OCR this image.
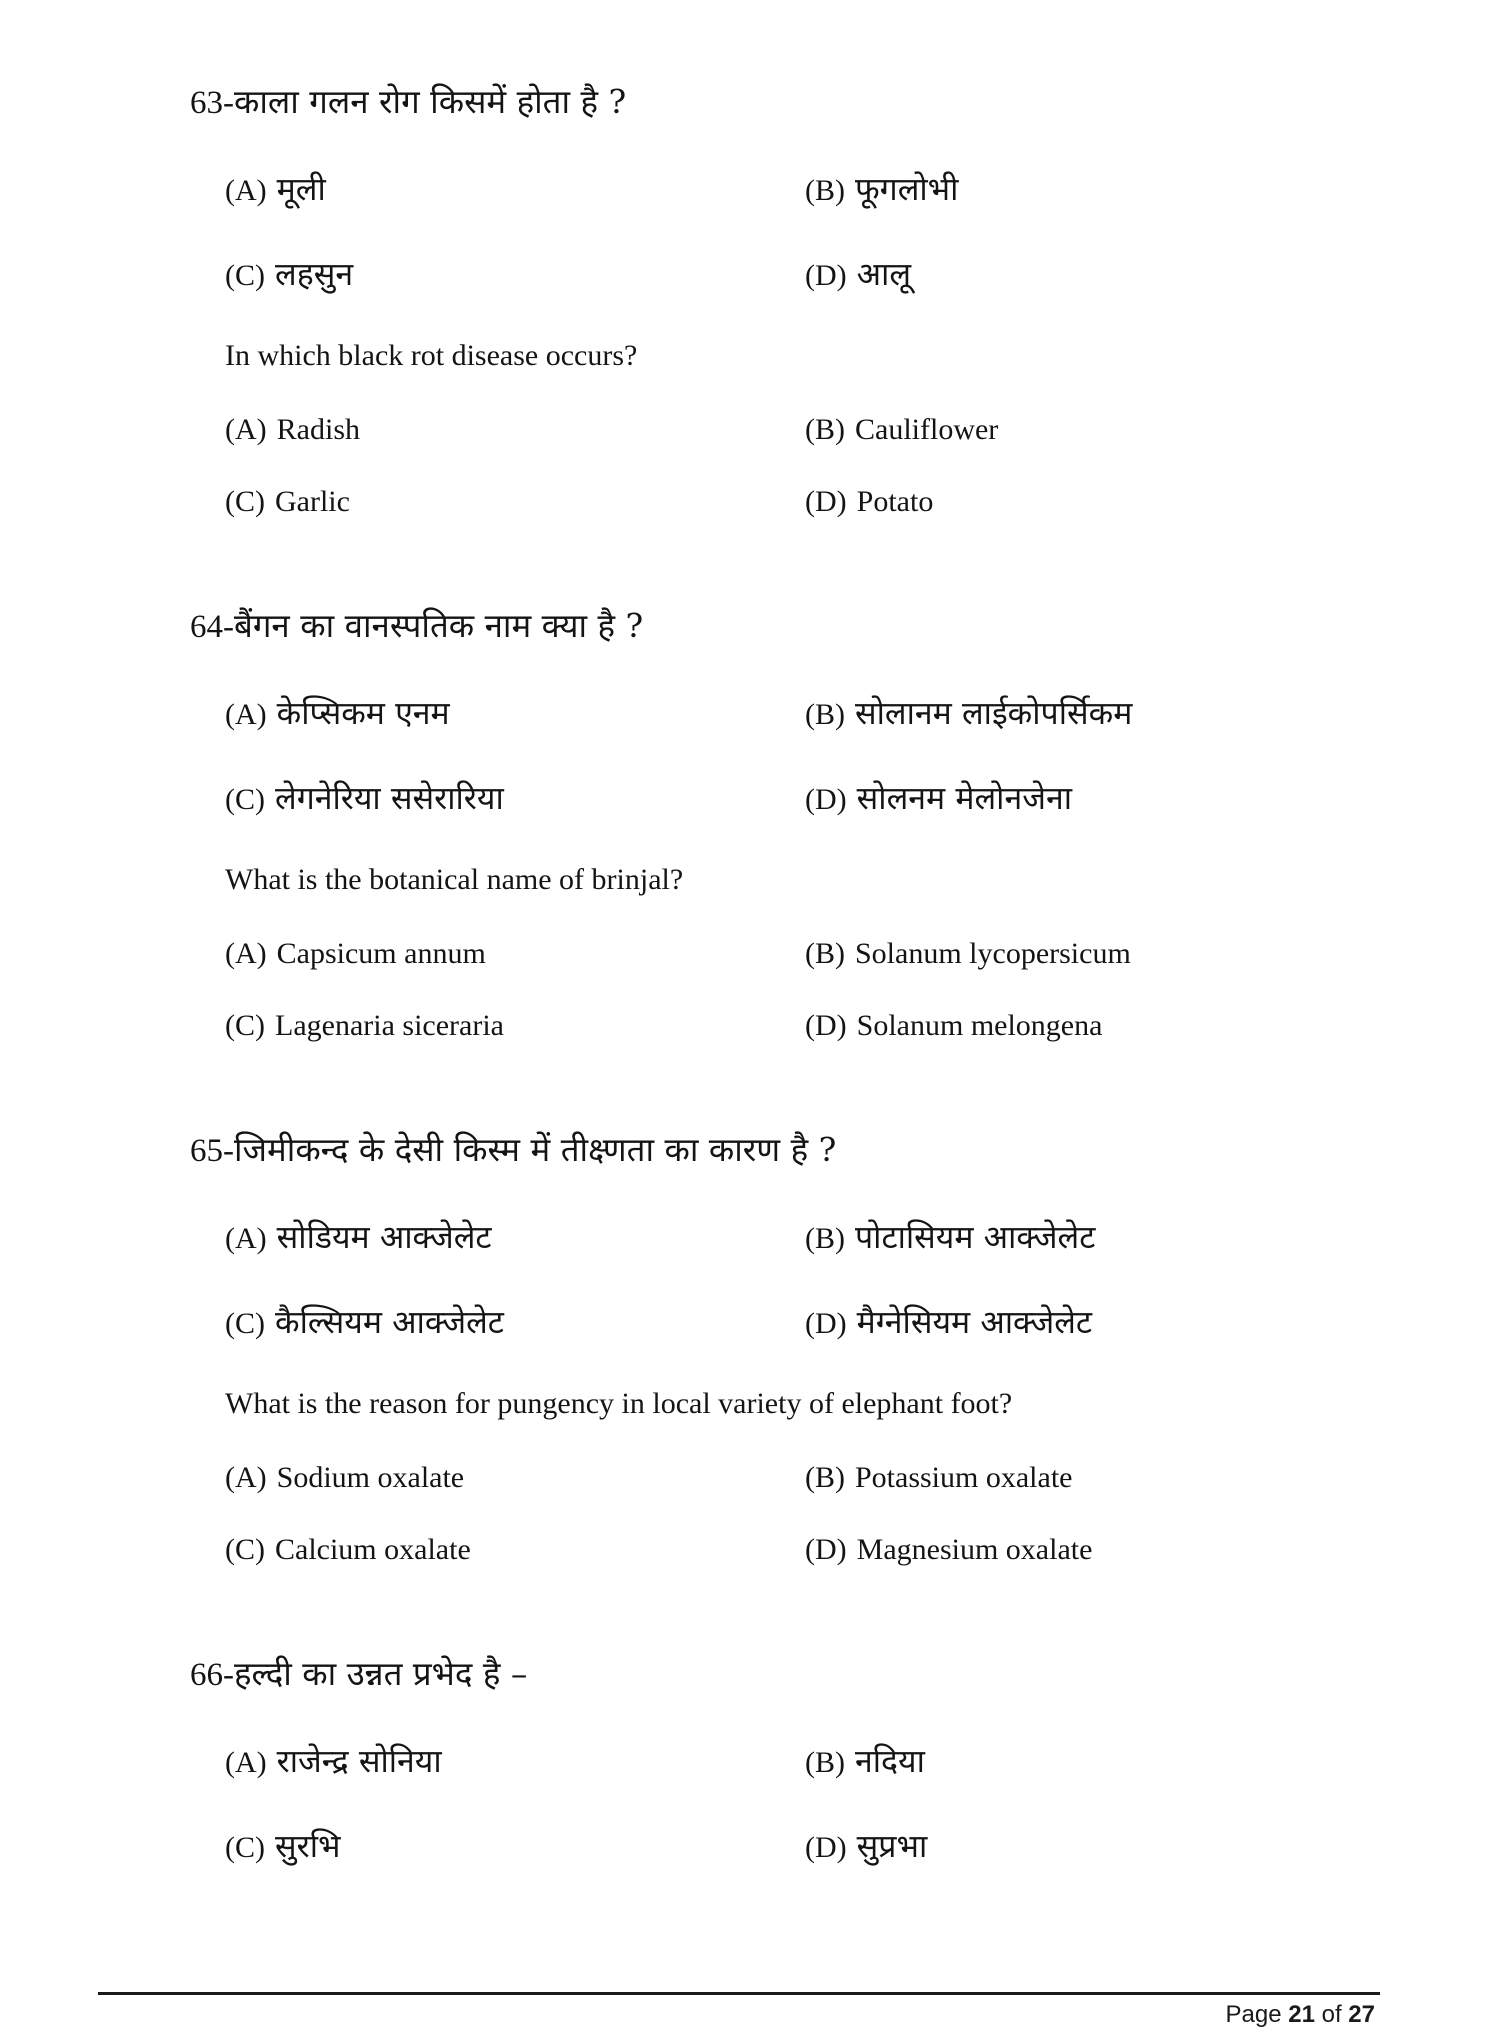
63-काला गलन रोग किसमें होता है ?
(A) मूली	(B) फूगलोभी
(C) लहसुन	(D) आलू
In which black rot disease occurs?
(A) Radish	(B) Cauliflower
(C) Garlic	(D) Potato
64-बैंगन का वानस्पतिक नाम क्या है ?
(A) केप्सिकम एनम	(B) सोलानम लाईकोपर्सिकम
(C) लेगनेरिया ससेरारिया	(D) सोलनम मेलोनजेना
What is the botanical name of brinjal?
(A) Capsicum annum	(B) Solanum lycopersicum
(C) Lagenaria siceraria	(D) Solanum melongena
65-जिमीकन्द के देसी किस्म में तीक्ष्णता का कारण है ?
(A) सोडियम आक्जेलेट	(B) पोटासियम आक्जेलेट
(C) कैल्सियम आक्जेलेट	(D) मैग्नेसियम आक्जेलेट
What is the reason for pungency in local variety of elephant foot?
(A) Sodium oxalate	(B) Potassium oxalate
(C) Calcium oxalate	(D) Magnesium oxalate
66-हल्दी का उन्नत प्रभेद है –
(A) राजेन्द्र सोनिया	(B) नदिया
(C) सुरभि	(D) सुप्रभा
Page 21 of 27
